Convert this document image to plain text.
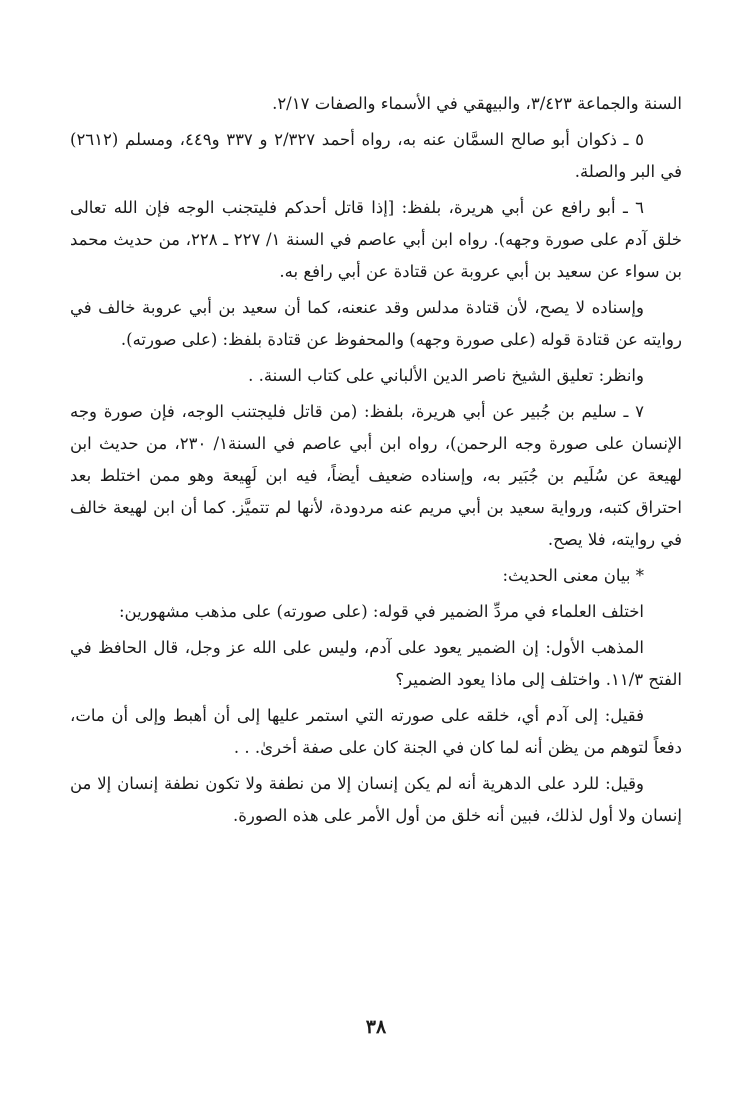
السنة والجماعة ٣/٤٢٣، والبيهقي في الأسماء والصفات ٢/١٧.

٥ ـ ذكوان أبو صالح السمَّان عنه به، رواه أحمد ٢/٣٢٧ و ٣٣٧ و٤٤٩، ومسلم (٢٦١٢) في البر والصلة.

٦ ـ أبو رافع عن أبي هريرة، بلفظ: [إذا قاتل أحدكم فليتجنب الوجه فإن الله تعالى خلق آدم على صورة وجهه). رواه ابن أبي عاصم في السنة ١/ ٢٢٧ ـ ٢٢٨، من حديث محمد بن سواء عن سعيد بن أبي عروبة عن قتادة عن أبي رافع به.

وإسناده لا يصح، لأن قتادة مدلس وقد عنعنه، كما أن سعيد بن أبي عروبة خالف في روايته عن قتادة قوله (على صورة وجهه) والمحفوظ عن قتادة بلفظ: (على صورته).

وانظر: تعليق الشيخ ناصر الدين الألباني على كتاب السنة. .

٧ ـ سليم بن جُبير عن أبي هريرة، بلفظ: (من قاتل فليجتنب الوجه، فإن صورة وجه الإنسان على صورة وجه الرحمن)، رواه ابن أبي عاصم في السنة١/ ٢٣٠، من حديث ابن لهيعة عن سُلَيم بن جُبَير به، وإسناده ضعيف أيضاً، فيه ابن لَهِيعة وهو ممن اختلط بعد احتراق كتبه، ورواية سعيد بن أبي مريم عنه مردودة، لأنها لم تتميَّز. كما أن ابن لهيعة خالف في روايته، فلا يصح.

* بيان معنى الحديث:

اختلف العلماء في مردِّ الضمير في قوله: (على صورته) على مذهب مشهورين:

المذهب الأول: إن الضمير يعود على آدم، وليس على الله عز وجل، قال الحافظ في الفتح ١١/٣. واختلف إلى ماذا يعود الضمير؟

فقيل: إلى آدم أي، خلقه على صورته التي استمر عليها إلى أن أهبط وإلى أن مات، دفعاً لتوهم من يظن أنه لما كان في الجنة كان على صفة أخرىٰ. . .

وقيل: للرد على الدهرية أنه لم يكن إنسان إلا من نطفة ولا تكون نطفة إنسان إلا من إنسان ولا أول لذلك، فبين أنه خلق من أول الأمر على هذه الصورة.

٣٨
